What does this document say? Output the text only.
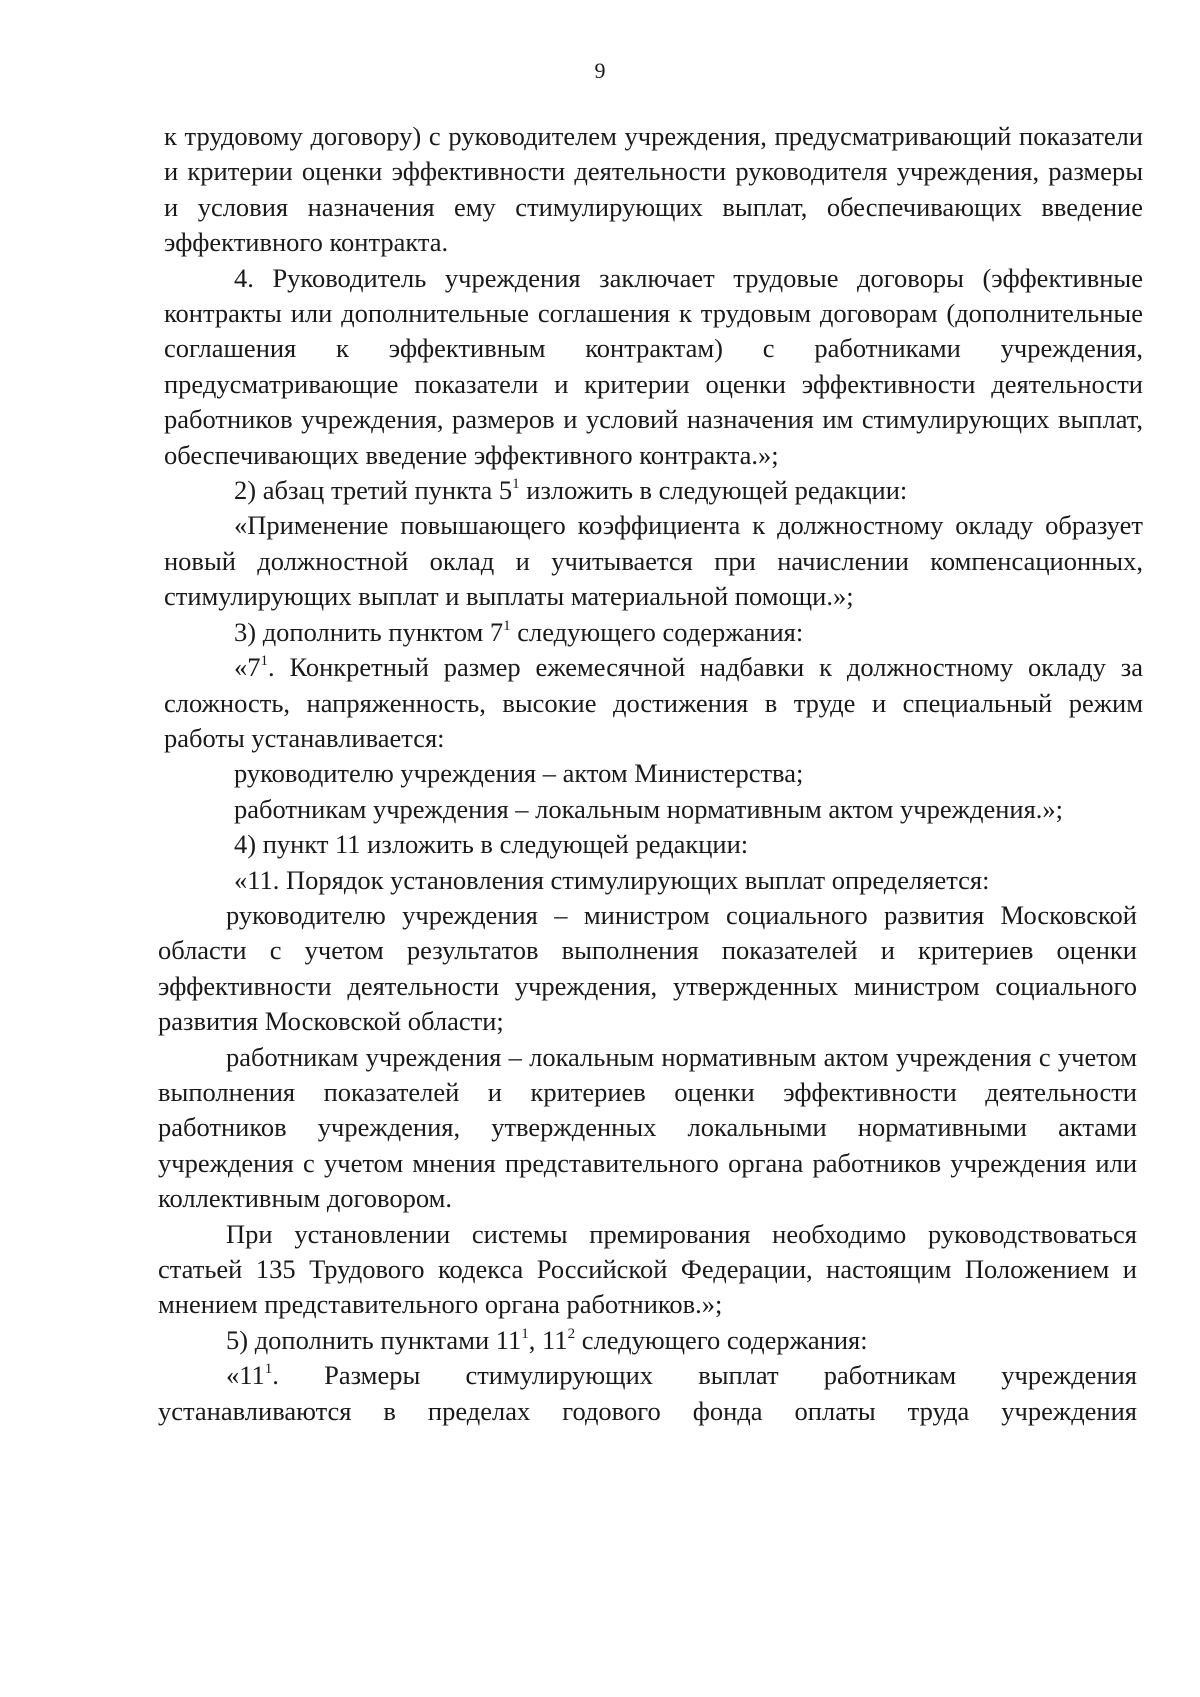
9

к трудовому договору) с руководителем учреждения, предусматривающий показатели и критерии оценки эффективности деятельности руководителя учреждения, размеры и условия назначения ему стимулирующих выплат, обеспечивающих введение эффективного контракта.

4. Руководитель учреждения заключает трудовые договоры (эффективные контракты или дополнительные соглашения к трудовым договорам (дополнительные соглашения к эффективным контрактам) с работниками учреждения, предусматривающие показатели и критерии оценки эффективности деятельности работников учреждения, размеров и условий назначения им стимулирующих выплат, обеспечивающих введение эффективного контракта.»;

2) абзац третий пункта $5^1$ изложить в следующей редакции:

«Применение повышающего коэффициента к должностному окладу образует новый должностной оклад и учитывается при начислении компенсационных, стимулирующих выплат и выплаты материальной помощи.»;

3) дополнить пунктом $7^1$ следующего содержания:

«$7^1$. Конкретный размер ежемесячной надбавки к должностному окладу за сложность, напряженность, высокие достижения в труде и специальный режим работы устанавливается:

руководителю учреждения – актом Министерства;

работникам учреждения – локальным нормативным актом учреждения.»;

4) пункт 11 изложить в следующей редакции:

«11. Порядок установления стимулирующих выплат определяется:

руководителю учреждения – министром социального развития Московской области с учетом результатов выполнения показателей и критериев оценки эффективности деятельности учреждения, утвержденных министром социального развития Московской области;

работникам учреждения – локальным нормативным актом учреждения с учетом выполнения показателей и критериев оценки эффективности деятельности работников учреждения, утвержденных локальными нормативными актами учреждения с учетом мнения представительного органа работников учреждения или коллективным договором.

При установлении системы премирования необходимо руководствоваться статьей 135 Трудового кодекса Российской Федерации, настоящим Положением и мнением представительного органа работников.»;

5) дополнить пунктами $11^1$, $11^2$ следующего содержания:

«$11^1$. Размеры стимулирующих выплат работникам учреждения

устанавливаются в пределах годового фонда оплаты труда учреждения
